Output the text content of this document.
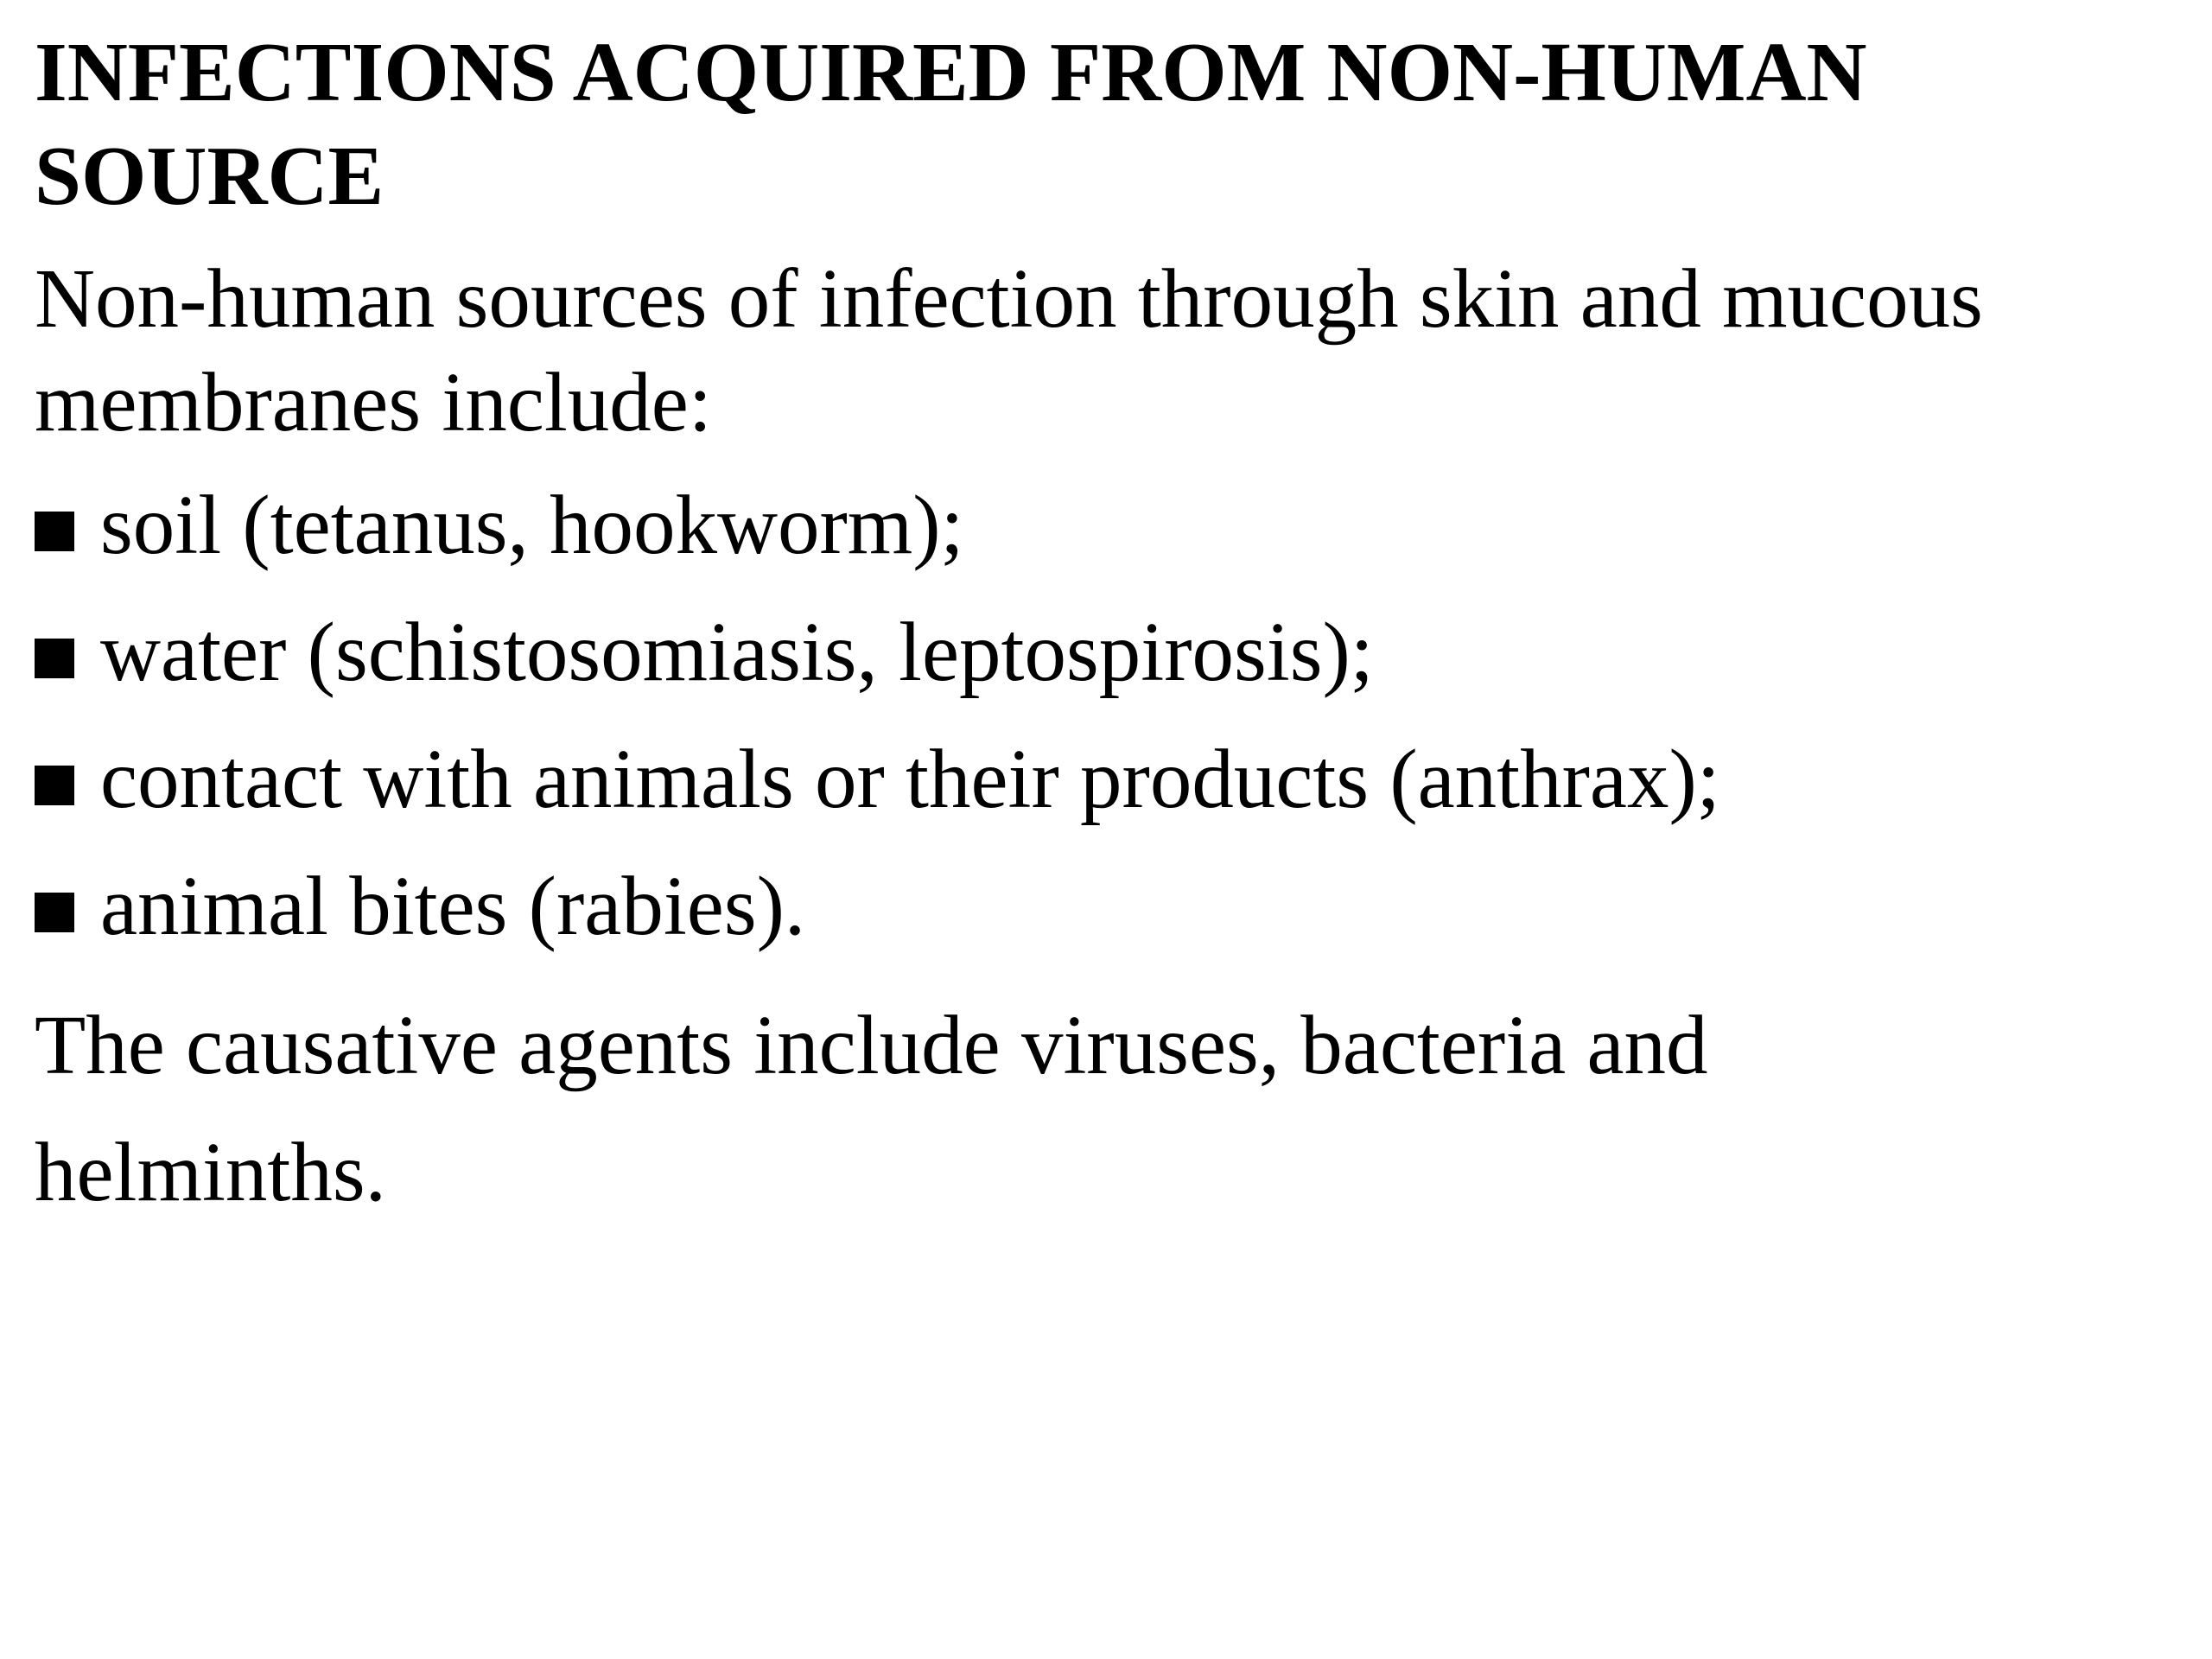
INFECTIONS ACQUIRED FROM NON-HUMAN SOURCE

Non-human sources of infection through skin and mucous membranes include:

soil (tetanus, hookworm);
water (schistosomiasis, leptospirosis);
contact with animals or their products (anthrax);
animal bites (rabies).

The causative agents include viruses, bacteria and helminths.
